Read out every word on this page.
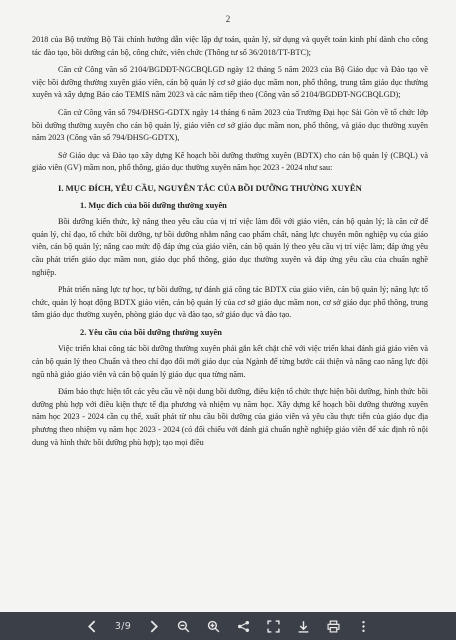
2

2018 của Bộ trưởng Bộ Tài chính hướng dẫn việc lập dự toán, quản lý, sử dụng và quyết toán kinh phí dành cho công tác đào tạo, bồi dưỡng cán bộ, công chức, viên chức (Thông tư số 36/2018/TT-BTC);

Căn cứ Công văn số 2104/BGDĐT-NGCBQLGD ngày 12 tháng 5 năm 2023 của Bộ Giáo dục và Đào tạo về việc bồi dưỡng thường xuyên giáo viên, cán bộ quản lý cơ sở giáo dục mầm non, phổ thông, trung tâm giáo dục thường xuyên và xây dựng Báo cáo TEMIS năm 2023 và các năm tiếp theo (Công văn số 2104/BGDĐT-NGCBQLGD);

Căn cứ Công văn số 794/ĐHSG-GDTX ngày 14 tháng 6 năm 2023 của Trường Đại học Sài Gòn về tổ chức lớp bồi dưỡng thường xuyên cho cán bộ quản lý, giáo viên cơ sở giáo dục mầm non, phổ thông, và giáo dục thường xuyên năm 2023 (Công văn số 794/ĐHSG-GDTX),

Sở Giáo dục và Đào tạo xây dựng Kế hoạch bồi dưỡng thường xuyên (BDTX) cho cán bộ quản lý (CBQL) và giáo viên (GV) mầm non, phổ thông, giáo dục thường xuyên năm học 2023 - 2024 như sau:

I. MỤC ĐÍCH, YÊU CẦU, NGUYÊN TẮC CỦA BỒI DƯỠNG THƯỜNG XUYÊN
1. Mục đích của bồi dưỡng thường xuyên

Bồi dưỡng kiến thức, kỹ năng theo yêu cầu của vị trí việc làm đối với giáo viên, cán bộ quản lý; là căn cứ để quản lý, chỉ đạo, tổ chức bồi dưỡng, tự bồi dưỡng nhằm nâng cao phẩm chất, năng lực chuyên môn nghiệp vụ của giáo viên, cán bộ quản lý; nâng cao mức độ đáp ứng của giáo viên, cán bộ quản lý theo yêu cầu vị trí việc làm; đáp ứng yêu cầu phát triển giáo dục mầm non, giáo dục phổ thông, giáo dục thường xuyên và đáp ứng yêu cầu của chuẩn nghề nghiệp.

Phát triển năng lực tự học, tự bồi dưỡng, tự đánh giá công tác BDTX của giáo viên, cán bộ quản lý; năng lực tổ chức, quản lý hoạt động BDTX giáo viên, cán bộ quản lý của cơ sở giáo dục mầm non, cơ sở giáo dục phổ thông, trung tâm giáo dục thường xuyên, phòng giáo dục và đào tạo, sở giáo dục và đào tạo.

2. Yêu cầu của bồi dưỡng thường xuyên

Việc triển khai công tác bồi dưỡng thường xuyên phải gắn kết chặt chẽ với việc triển khai đánh giá giáo viên và cán bộ quản lý theo Chuẩn và theo chỉ đạo đổi mới giáo dục của Ngành để từng bước cải thiện và nâng cao năng lực đội ngũ nhà giáo giáo viên và cán bộ quản lý giáo dục qua từng năm.

Đảm bảo thực hiện tốt các yêu cầu về nội dung bồi dưỡng, điều kiện tổ chức thực hiện bồi dưỡng, hình thức bồi dưỡng phù hợp với điều kiện thực tế địa phương và nhiệm vụ năm học. Xây dựng kế hoạch bồi dưỡng thường xuyên năm học 2023 - 2024 cần cụ thể, xuất phát từ nhu cầu bồi dưỡng của giáo viên và yêu cầu thực tiễn của giáo dục địa phương theo nhiệm vụ năm học 2023 - 2024 (có đối chiếu với đánh giá chuẩn nghề nghiệp giáo viên để xác định rõ nội dung và hình thức bồi dưỡng phù hợp); tạo mọi điều

3/9
